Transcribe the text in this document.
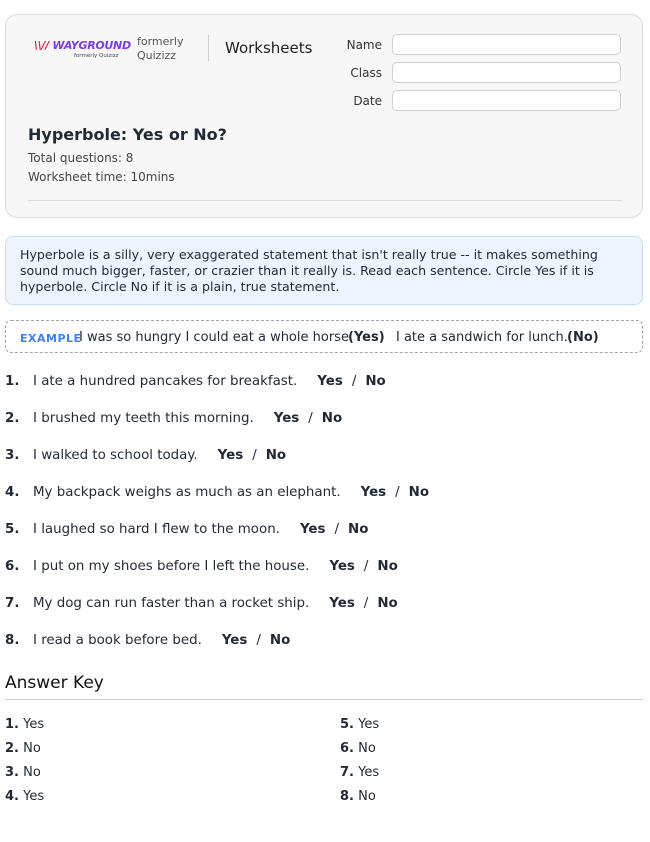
\\// WAYGROUND
formerly Quizizz
formerly
Quizizz	Worksheets	Name
Class
Date
Hyperbole: Yes or No?
Total questions: 8
Worksheet time: 10mins
Hyperbole is a silly, very exaggerated statement that isn't really true -- it makes something sound much bigger, faster, or crazier than it really is. Read each sentence. Circle Yes if it is hyperbole. Circle No if it is a plain, true statement.
EXAMPLE
I was so hungry I could eat a whole horse.
(Yes) I ate a sandwich for lunch. (No)
1. I ate a hundred pancakes for breakfast. Yes / No
2. I brushed my teeth this morning. Yes / No
3. I walked to school today. Yes / No
4. My backpack weighs as much as an elephant. Yes / No
5. I laughed so hard I flew to the moon. Yes / No
6. I put on my shoes before I left the house. Yes / No
7. My dog can run faster than a rocket ship. Yes / No
8. I read a book before bed. Yes / No
Answer Key
1. Yes
2. No
3. No
4. Yes
5. Yes
6. No
7. Yes
8. No
